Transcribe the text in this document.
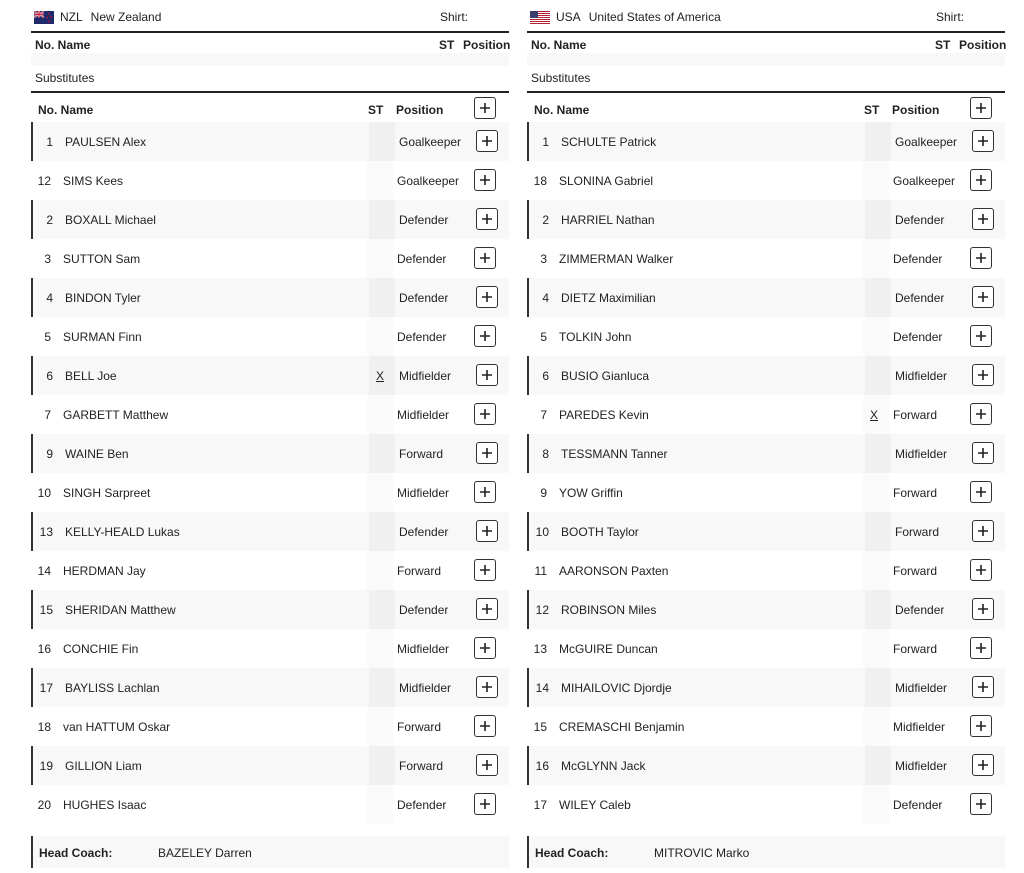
NZL New Zealand	Shirt:
No. Name	ST Position
Substitutes
No. Name	ST Position
1 PAULSEN Alex	Goalkeeper
12 SIMS Kees	Goalkeeper
2 BOXALL Michael	Defender
3 SUTTON Sam	Defender
4 BINDON Tyler	Defender
5 SURMAN Finn	Defender
6 BELL Joe	X Midfielder
7 GARBETT Matthew	Midfielder
9 WAINE Ben	Forward
10 SINGH Sarpreet	Midfielder
13 KELLY-HEALD Lukas	Defender
14 HERDMAN Jay	Forward
15 SHERIDAN Matthew	Defender
16 CONCHIE Fin	Midfielder
17 BAYLISS Lachlan	Midfielder
18 van HATTUM Oskar	Forward
19 GILLION Liam	Forward
20 HUGHES Isaac	Defender
Head Coach:	BAZELEY Darren
USA United States of America	Shirt:
No. Name	ST Position
Substitutes
No. Name	ST Position
1 SCHULTE Patrick	Goalkeeper
18 SLONINA Gabriel	Goalkeeper
2 HARRIEL Nathan	Defender
3 ZIMMERMAN Walker	Defender
4 DIETZ Maximilian	Defender
5 TOLKIN John	Defender
6 BUSIO Gianluca	Midfielder
7 PAREDES Kevin	X Forward
8 TESSMANN Tanner	Midfielder
9 YOW Griffin	Forward
10 BOOTH Taylor	Forward
11 AARONSON Paxten	Forward
12 ROBINSON Miles	Defender
13 McGUIRE Duncan	Forward
14 MIHAILOVIC Djordje	Midfielder
15 CREMASCHI Benjamin	Midfielder
16 McGLYNN Jack	Midfielder
17 WILEY Caleb	Defender
Head Coach:	MITROVIC Marko
